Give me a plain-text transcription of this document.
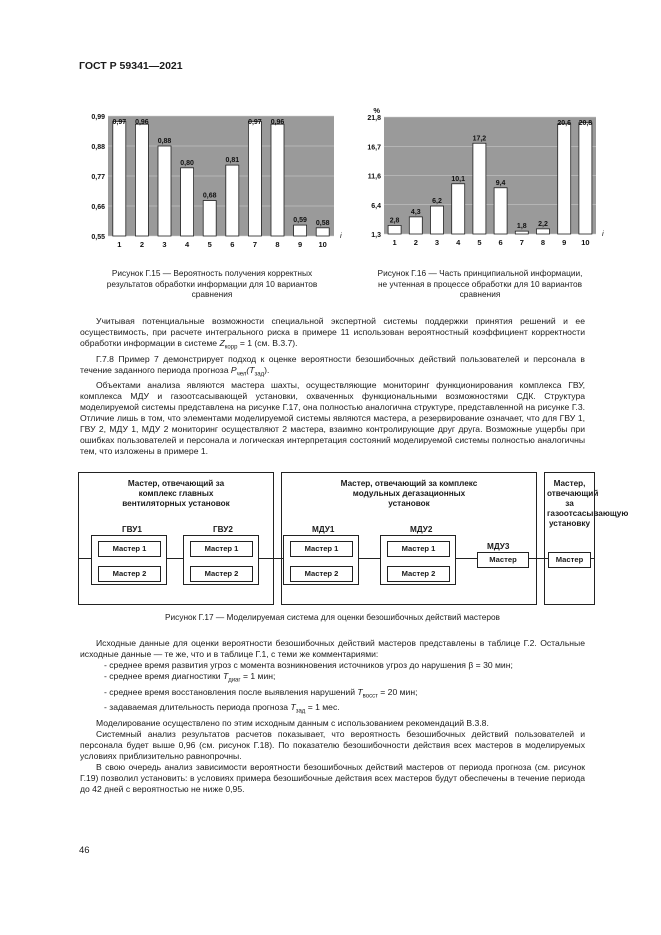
ГОСТ Р 59341—2021
0,99
0,88
0,77
0,66
0,55
0,97
1
0,96
2
0,88
3
0,80
4
0,68
5
0,81
6
0,97
7
0,96
8
0,59
9
0,58
10
i
21,8
16,7
11,6
6,4
1,3
2,8
1
4,3
2
6,2
3
10,1
4
17,2
5
9,4
6
1,8
7
2,2
8
20,6
9
20,8
10
i
%
Рисунок Г.15 — Вероятность получения корректных
результатов обработки информации для 10 вариантов
сравнения
Рисунок Г.16 — Часть принципиальной информации,
не учтенная в процессе обработки для 10 вариантов
сравнения

Учитывая потенциальные возможности специальной экспертной системы поддержки принятия решений и ее осуществимость, при расчете интегрального риска в примере 11 использован вероятностный коэффициент корректности обработки информации в системе $Z_{корр} = 1$ (см. В.3.7).

Г.7.8 Пример 7 демонстрирует подход к оценке вероятности безошибочных действий пользователей и персонала в течение заданного периода прогноза $P_{чел}(T_{зад})$.

Объектами анализа являются мастера шахты, осуществляющие мониторинг функционирования комплекса ГВУ, комплекса МДУ и газоотсасывающей установки, охваченных функциональными возможностями СДК. Структура моделируемой системы представлена на рисунке Г.17, она полностью аналогична структуре, представленной на рисунке Г.3. Отличие лишь в том, что элементами моделируемой системы являются мастера, а резервирование означает, что для ГВУ 1, ГВУ 2, МДУ 1, МДУ 2 мониторинг осуществляют 2 мастера, взаимно контролирующие друг друга. Возможные ущербы при ошибках пользователей и персонала и логическая интерпретация состояний моделируемой системы полностью аналогичны тем, что изложены в примере 1.

Мастер, отвечающий за комплекс главных вентиляторных установок
Мастер, отвечающий за комплекс модульных дегазационных установок
Мастер, отвечающий за газоотсасывающую установку
ГВУ1	ГВУ2	МДУ1	МДУ2
МДУ3
Мастер 1
Мастер 2
Мастер 1
Мастер 2
Мастер 1
Мастер 2
Мастер 1
Мастер 2
Мастер	Мастер
Рисунок Г.17 — Моделируемая система для оценки безошибочных действий мастеров

Исходные данные для оценки вероятности безошибочных действий мастеров представлены в таблице Г.2. Остальные исходные данные — те же, что и в таблице Г.1, с теми же комментариями:

- среднее время развития угроз с момента возникновения источников угроз до нарушения β = 30 мин;

- среднее время диагностики $T_{диаг} = 1$ мин;

- среднее время восстановления после выявления нарушений $T_{восст} = 20$ мин;

- задаваемая длительность периода прогноза $T_{зад} = 1$ мес.

Моделирование осуществлено по этим исходным данным с использованием рекомендаций В.3.8.

Системный анализ результатов расчетов показывает, что вероятность безошибочных действий пользователей и персонала будет выше 0,96 (см. рисунок Г.18). По показателю безошибочности действия всех мастеров в моделируемых условиях приблизительно равнопрочны.

В свою очередь анализ зависимости вероятности безошибочных действий мастеров от периода прогноза (см. рисунок Г.19) позволил установить: в условиях примера безошибочные действия всех мастеров будут обеспечены в течение периода до 42 дней с вероятностью не ниже 0,95.

46
